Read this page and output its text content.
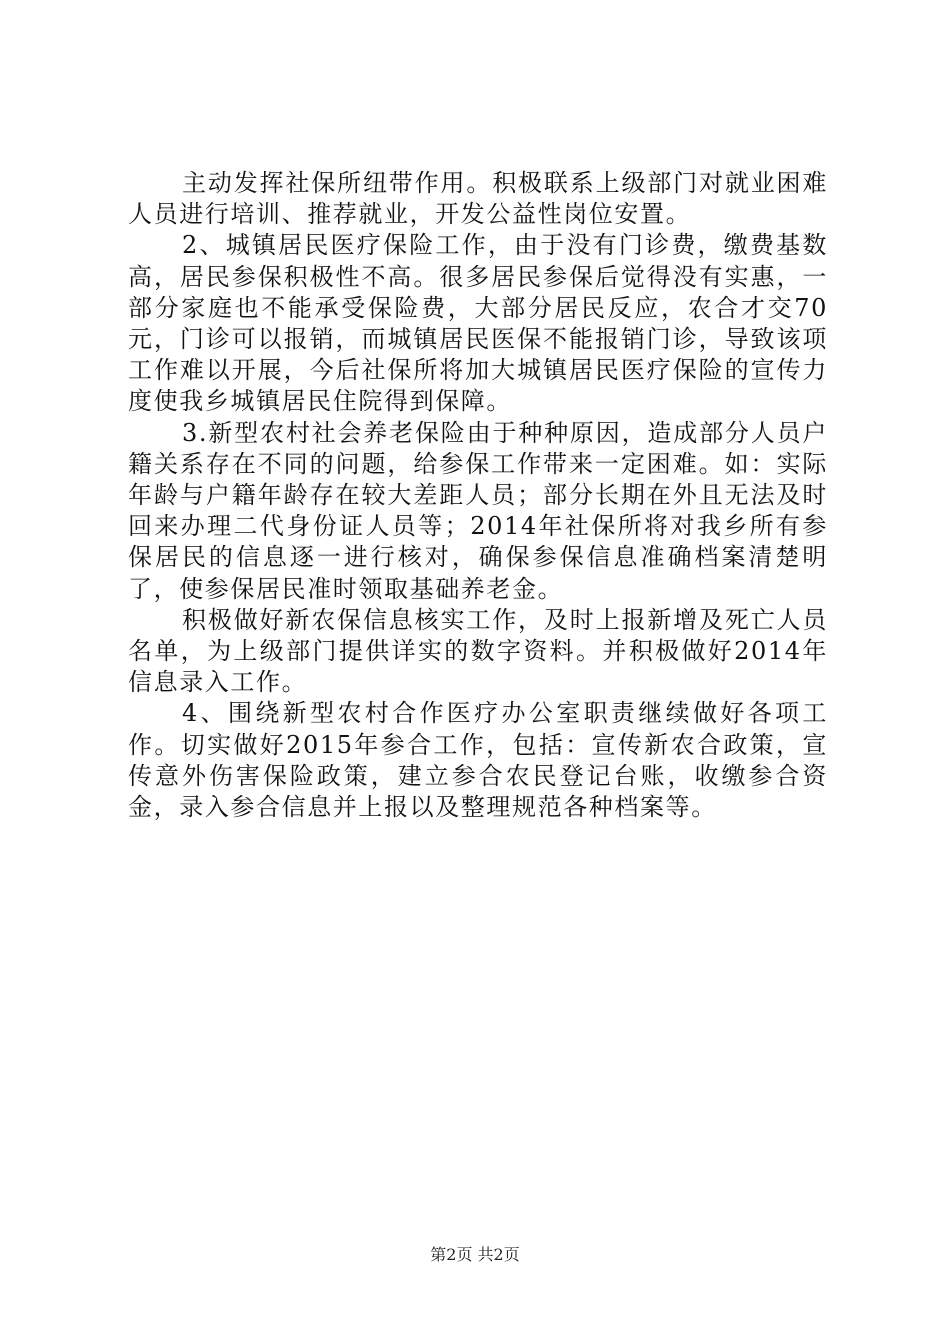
主动发挥社保所纽带作用。积极联系上级部门对就业困难人员进行培训、推荐就业，开发公益性岗位安置。

2、城镇居民医疗保险工作，由于没有门诊费，缴费基数高，居民参保积极性不高。很多居民参保后觉得没有实惠，一部分家庭也不能承受保险费，大部分居民反应，农合才交70元，门诊可以报销，而城镇居民医保不能报销门诊，导致该项工作难以开展，今后社保所将加大城镇居民医疗保险的宣传力度使我乡城镇居民住院得到保障。

3.新型农村社会养老保险由于种种原因，造成部分人员户籍关系存在不同的问题，给参保工作带来一定困难。如：实际年龄与户籍年龄存在较大差距人员；部分长期在外且无法及时回来办理二代身份证人员等；2014年社保所将对我乡所有参保居民的信息逐一进行核对，确保参保信息准确档案清楚明了，使参保居民准时领取基础养老金。

积极做好新农保信息核实工作，及时上报新增及死亡人员名单，为上级部门提供详实的数字资料。并积极做好2014年信息录入工作。

4、围绕新型农村合作医疗办公室职责继续做好各项工作。切实做好2015年参合工作，包括：宣传新农合政策，宣传意外伤害保险政策，建立参合农民登记台账，收缴参合资金，录入参合信息并上报以及整理规范各种档案等。

第2页 共2页
